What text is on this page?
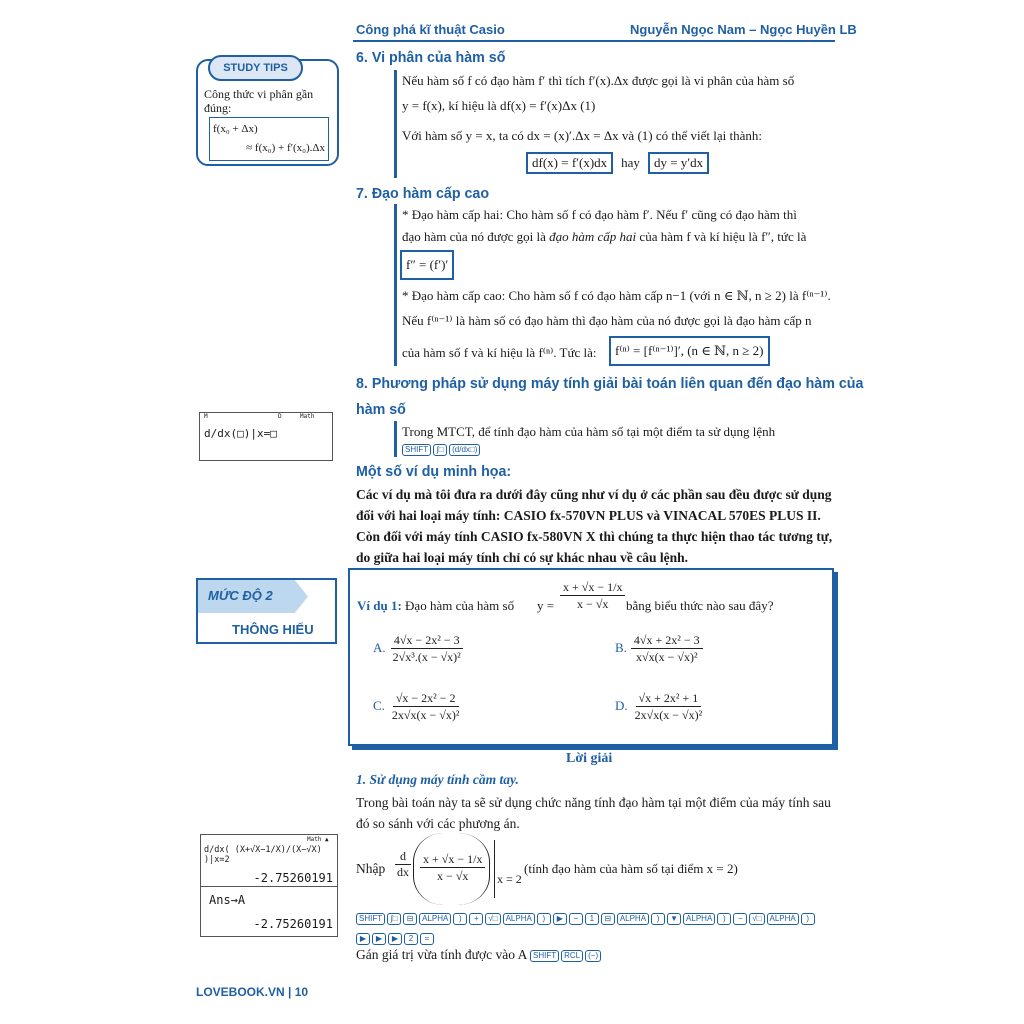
Công phá kĩ thuật Casio	Nguyễn Ngọc Nam – Ngọc Huyền LB
STUDY TIPS
Công thức vi phân gần đúng:
f(x₀ + Δx)
≈ f(x₀) + f′(x₀).Δx
6. Vi phân của hàm số
Nếu hàm số f có đạo hàm f′ thì tích f′(x).Δx được gọi là vi phân của hàm số
y = f(x), kí hiệu là df(x) = f′(x)Δx (1)
Với hàm số y = x, ta có dx = (x)′.Δx = Δx và (1) có thể viết lại thành:
df(x) = f′(x)dx hay dy = y′dx
7. Đạo hàm cấp cao
* Đạo hàm cấp hai: Cho hàm số f có đạo hàm f′. Nếu f′ cũng có đạo hàm thì
đạo hàm của nó được gọi là đạo hàm cấp hai của hàm f và kí hiệu là f″, tức là
f″ = (f′)′
* Đạo hàm cấp cao: Cho hàm số f có đạo hàm cấp n−1 (với n ∈ ℕ, n ≥ 2) là f⁽ⁿ⁻¹⁾.
Nếu f⁽ⁿ⁻¹⁾ là hàm số có đạo hàm thì đạo hàm của nó được gọi là đạo hàm cấp n
của hàm số f và kí hiệu là f⁽ⁿ⁾. Tức là:	f⁽ⁿ⁾ = [f⁽ⁿ⁻¹⁾]′, (n ∈ ℕ, n ≥ 2)
8. Phương pháp sử dụng máy tính giải bài toán liên quan đến đạo hàm của
hàm số
Trong MTCT, để tính đạo hàm của hàm số tại một điểm ta sử dụng lệnh
SHIFT ∫□ (d/dx□)
M	D	Math
d/dx(□)|x=□
Một số ví dụ minh họa:
Các ví dụ mà tôi đưa ra dưới đây cũng như ví dụ ở các phần sau đều được sử dụng đối với hai loại máy tính: CASIO fx-570VN PLUS và VINACAL 570ES PLUS II. Còn đối với máy tính CASIO fx-580VN X thì chúng ta thực hiện thao tác tương tự, do giữa hai loại máy tính chỉ có sự khác nhau về câu lệnh.
MỨC ĐỘ 2
THÔNG HIỂU
Ví dụ 1: Đạo hàm của hàm số $y = \frac{x + √x - 1/x}{x - √x}$ bằng biểu thức nào sau đây?
A. $\frac{\text{4√x − 2x² − 3}}{\text{2√x³.(x − √x)²}}$	B. $\frac{\text{4√x + 2x² − 3}}{\text{x√x(x − √x)²}}$
C. $\frac{\text{√x − 2x² − 2}}{\text{2x√x(x − √x)²}}$	D. $\frac{\text{√x + 2x² + 1}}{\text{2x√x(x − √x)²}}$
Lời giải
1. Sử dụng máy tính cầm tay.
Trong bài toán này ta sẽ sử dụng chức năng tính đạo hàm tại một điểm của máy tính sau đó so sánh với các phương án.
Nhập
d
dx $\frac{x + √x - 1/x}{x - √x}$ x = 2
(tính đạo hàm của hàm số tại điểm x = 2)
SHIFT ∫□ ⊟ ALPHA ) + √□ ALPHA ) ▶ − 1 ⊟ ALPHA ) ▼ ALPHA ) − √□ ALPHA )
▶ ▶ ▶ 2 =
Gán giá trị vừa tính được vào A SHIFT RCL (−)
Math ▲
d/dx( (X+√X−1/X)/(X−√X) )|x=2
-2.75260191
Ans→A
-2.75260191
LOVEBOOK.VN | 10
